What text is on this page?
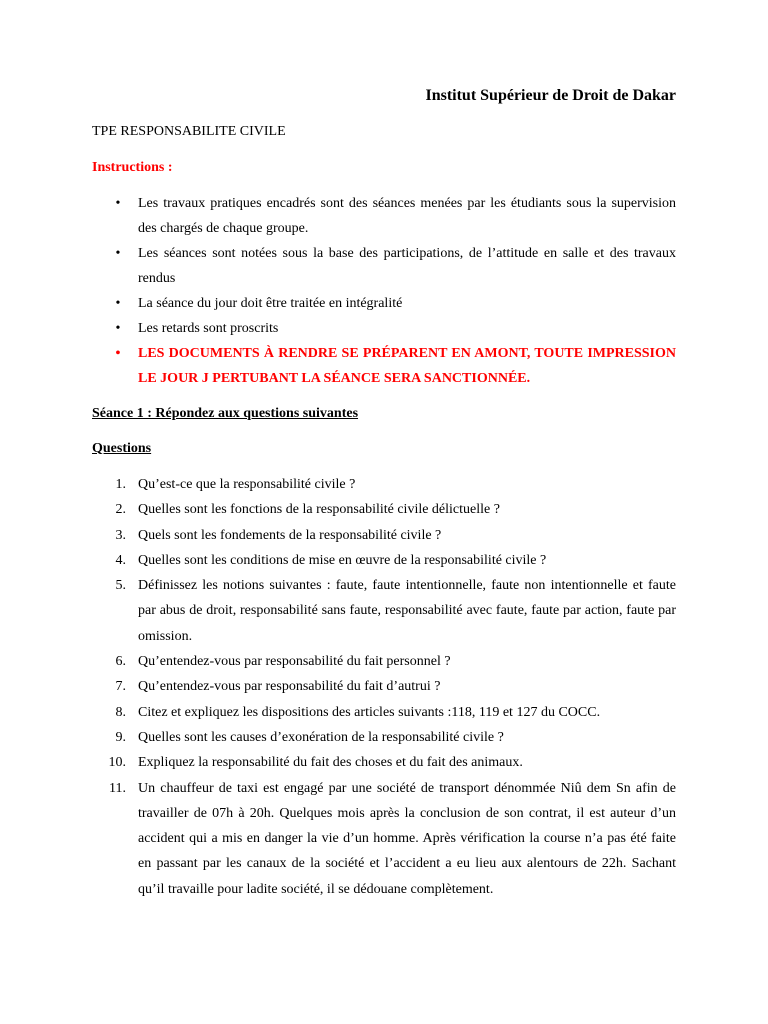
Institut Supérieur de Droit de Dakar
TPE RESPONSABILITE CIVILE
Instructions :
• Les travaux pratiques encadrés sont des séances menées par les étudiants sous la supervision des chargés de chaque groupe.
• Les séances sont notées sous la base des participations, de l’attitude en salle et des travaux rendus
• La séance du jour doit être traitée en intégralité
• Les retards sont proscrits
• LES DOCUMENTS À RENDRE SE PRÉPARENT EN AMONT, TOUTE IMPRESSION LE JOUR J PERTUBANT LA SÉANCE SERA SANCTIONNÉE.
Séance 1 : Répondez aux questions suivantes
Questions
1. Qu’est-ce que la responsabilité civile ?
2. Quelles sont les fonctions de la responsabilité civile délictuelle ?
3. Quels sont les fondements de la responsabilité civile ?
4. Quelles sont les conditions de mise en œuvre de la responsabilité civile ?
5. Définissez les notions suivantes : faute, faute intentionnelle, faute non intentionnelle et faute par abus de droit, responsabilité sans faute, responsabilité avec faute, faute par action, faute par omission.
6. Qu’entendez-vous par responsabilité du fait personnel ?
7. Qu’entendez-vous par responsabilité du fait d’autrui ?
8. Citez et expliquez les dispositions des articles suivants :118, 119 et 127 du COCC.
9. Quelles sont les causes d’exonération de la responsabilité civile ?
10. Expliquez la responsabilité du fait des choses et du fait des animaux.
11. Un chauffeur de taxi est engagé par une société de transport dénommée Niû dem Sn afin de travailler de 07h à 20h. Quelques mois après la conclusion de son contrat, il est auteur d’un accident qui a mis en danger la vie d’un homme. Après vérification la course n’a pas été faite en passant par les canaux de la société et l’accident a eu lieu aux alentours de 22h. Sachant qu’il travaille pour ladite société, il se dédouane complètement.
